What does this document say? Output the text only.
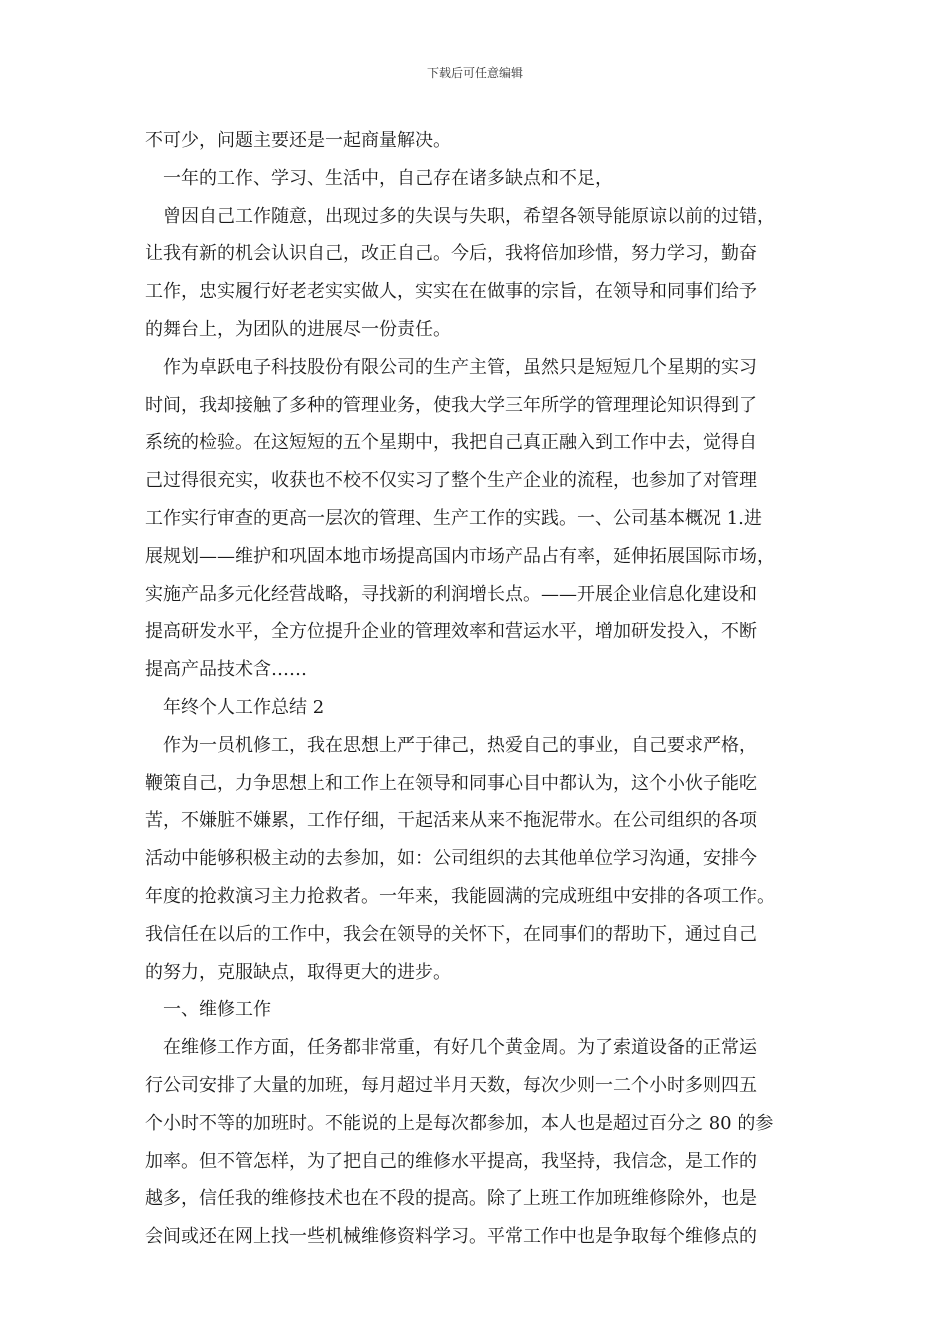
下载后可任意编辑
不可少，问题主要还是一起商量解决。
一年的工作、学习、生活中，自己存在诸多缺点和不足，
曾因自己工作随意，出现过多的失误与失职，希望各领导能原谅以前的过错，
让我有新的机会认识自己，改正自己。今后，我将倍加珍惜，努力学习，勤奋
工作，忠实履行好老老实实做人，实实在在做事的宗旨，在领导和同事们给予
的舞台上，为团队的进展尽一份责任。
作为卓跃电子科技股份有限公司的生产主管，虽然只是短短几个星期的实习
时间，我却接触了多种的管理业务，使我大学三年所学的管理理论知识得到了
系统的检验。在这短短的五个星期中，我把自己真正融入到工作中去，觉得自
己过得很充实，收获也不校不仅实习了整个生产企业的流程，也参加了对管理
工作实行审查的更高一层次的管理、生产工作的实践。一、公司基本概况 1.进
展规划——维护和巩固本地市场提高国内市场产品占有率，延伸拓展国际市场，
实施产品多元化经营战略，寻找新的利润增长点。——开展企业信息化建设和
提高研发水平，全方位提升企业的管理效率和营运水平，增加研发投入，不断
提高产品技术含……
年终个人工作总结 2
作为一员机修工，我在思想上严于律己，热爱自己的事业，自己要求严格，
鞭策自己，力争思想上和工作上在领导和同事心目中都认为，这个小伙子能吃
苦，不嫌脏不嫌累，工作仔细，干起活来从来不拖泥带水。在公司组织的各项
活动中能够积极主动的去参加，如：公司组织的去其他单位学习沟通，安排今
年度的抢救演习主力抢救者。一年来，我能圆满的完成班组中安排的各项工作。
我信任在以后的工作中，我会在领导的关怀下，在同事们的帮助下，通过自己
的努力，克服缺点，取得更大的进步。
一、维修工作
在维修工作方面，任务都非常重，有好几个黄金周。为了索道设备的正常运
行公司安排了大量的加班，每月超过半月天数，每次少则一二个小时多则四五
个小时不等的加班时。不能说的上是每次都参加，本人也是超过百分之 80 的参
加率。但不管怎样，为了把自己的维修水平提高，我坚持，我信念，是工作的
越多，信任我的维修技术也在不段的提高。除了上班工作加班维修除外，也是
会间或还在网上找一些机械维修资料学习。平常工作中也是争取每个维修点的
